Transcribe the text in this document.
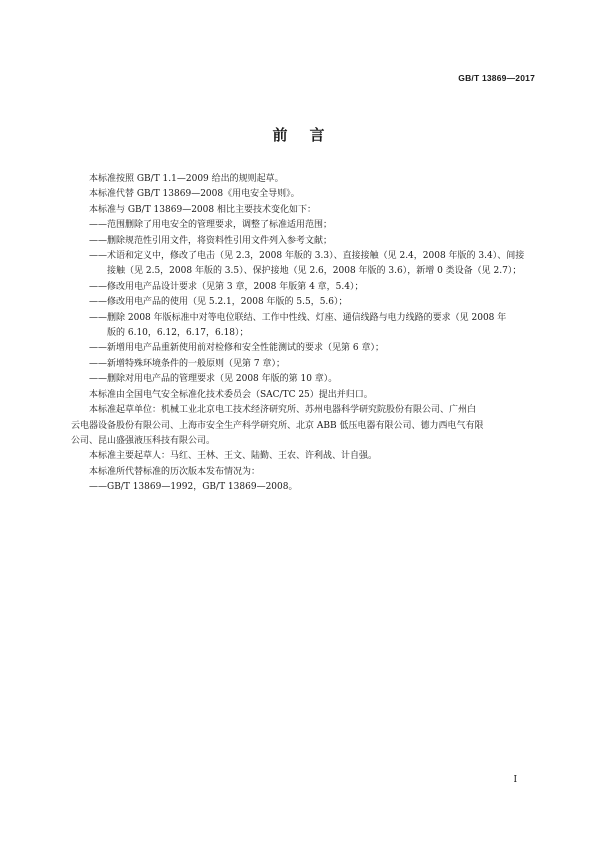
GB/T 13869—2017
前言

本标准按照 GB/T 1.1—2009 给出的规则起草。

本标准代替 GB/T 13869—2008《用电安全导则》。

本标准与 GB/T 13869—2008 相比主要技术变化如下：

——范围删除了用电安全的管理要求，调整了标准适用范围；

——删除规范性引用文件，将资料性引用文件列入参考文献；

——术语和定义中，修改了电击（见 2.3，2008 年版的 3.3）、直接接触（见 2.4，2008 年版的 3.4）、间接

接触（见 2.5，2008 年版的 3.5）、保护接地（见 2.6，2008 年版的 3.6），新增 0 类设备（见 2.7）；

——修改用电产品设计要求（见第 3 章，2008 年版第 4 章，5.4）；

——修改用电产品的使用（见 5.2.1，2008 年版的 5.5，5.6）；

——删除 2008 年版标准中对等电位联结、工作中性线、灯座、通信线路与电力线路的要求（见 2008 年

版的 6.10，6.12，6.17，6.18）；

——新增用电产品重新使用前对检修和安全性能测试的要求（见第 6 章）；

——新增特殊环境条件的一般原则（见第 7 章）；

——删除对用电产品的管理要求（见 2008 年版的第 10 章）。

本标准由全国电气安全标准化技术委员会（SAC/TC 25）提出并归口。

本标准起草单位：机械工业北京电工技术经济研究所、苏州电器科学研究院股份有限公司、广州白

云电器设备股份有限公司、上海市安全生产科学研究所、北京 ABB 低压电器有限公司、德力西电气有限

公司、昆山盛强液压科技有限公司。

本标准主要起草人：马红、王林、王文、陆勤、王农、许利战、计自强。

本标准所代替标准的历次版本发布情况为：

——GB/T 13869—1992，GB/T 13869—2008。

I
